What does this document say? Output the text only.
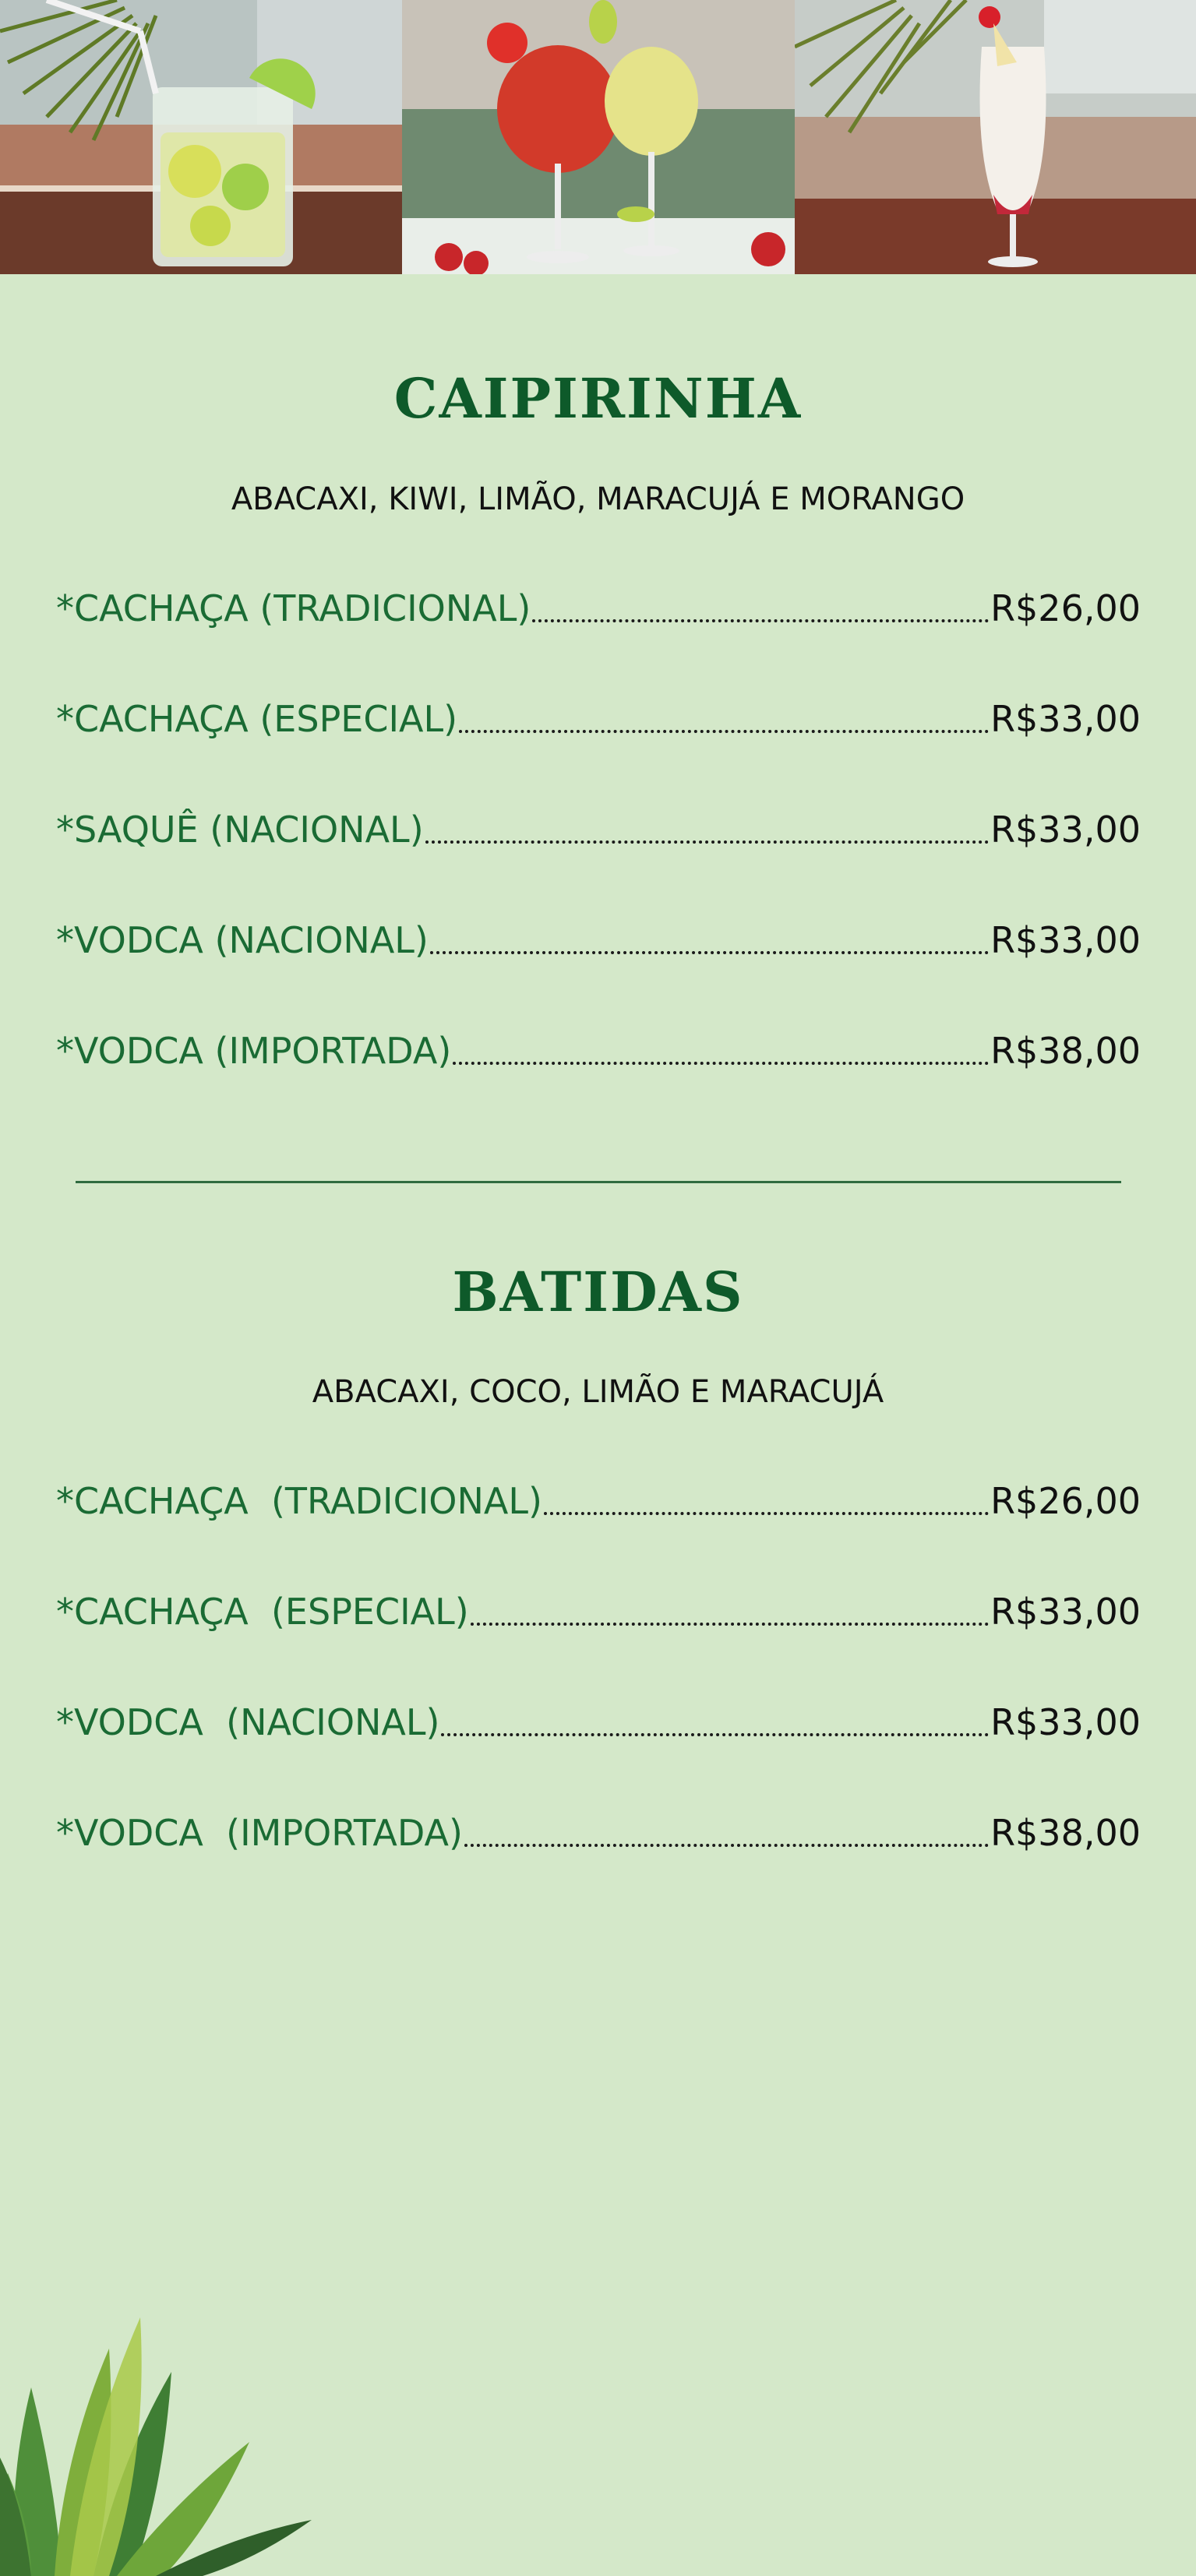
CAIPIRINHA

ABACAXI, KIWI, LIMÃO, MARACUJÁ E MORANGO

*CACHAÇA (TRADICIONAL)	R$26,00
*CACHAÇA (ESPECIAL)	R$33,00
*SAQUÊ (NACIONAL)	R$33,00
*VODCA (NACIONAL)	R$33,00
*VODCA (IMPORTADA)	R$38,00
BATIDAS

ABACAXI, COCO, LIMÃO E MARACUJÁ

*CACHAÇA  (TRADICIONAL)	R$26,00
*CACHAÇA  (ESPECIAL)	R$33,00
*VODCA  (NACIONAL)	R$33,00
*VODCA  (IMPORTADA)	R$38,00
